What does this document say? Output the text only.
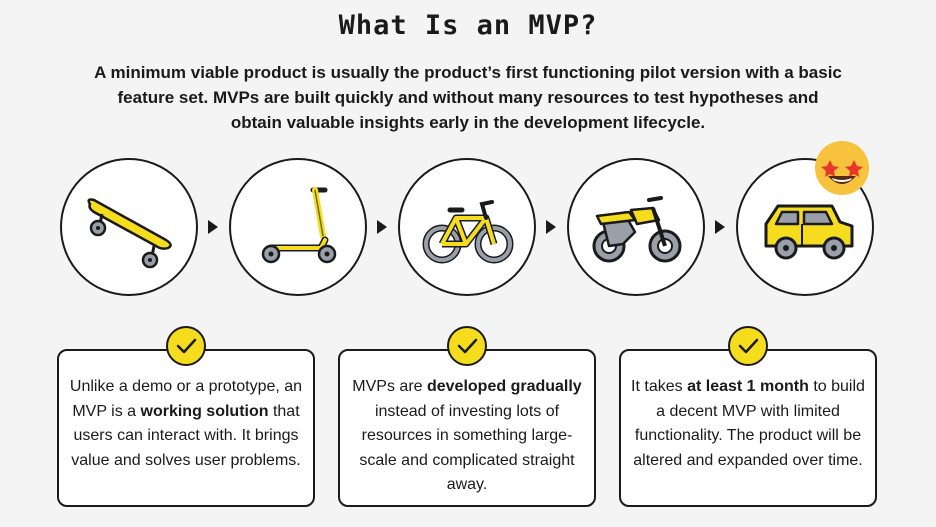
What Is an MVP?
A minimum viable product is usually the product’s first functioning pilot version with a basic feature set. MVPs are built quickly and without many resources to test hypotheses and obtain valuable insights early in the development lifecycle.
Unlike a demo or a prototype, an MVP is a working solution that users can interact with. It brings value and solves user problems.
MVPs are developed gradually instead of investing lots of resources in something large-scale and complicated straight away.
It takes at least 1 month to build a decent MVP with limited functionality. The product will be altered and expanded over time.
